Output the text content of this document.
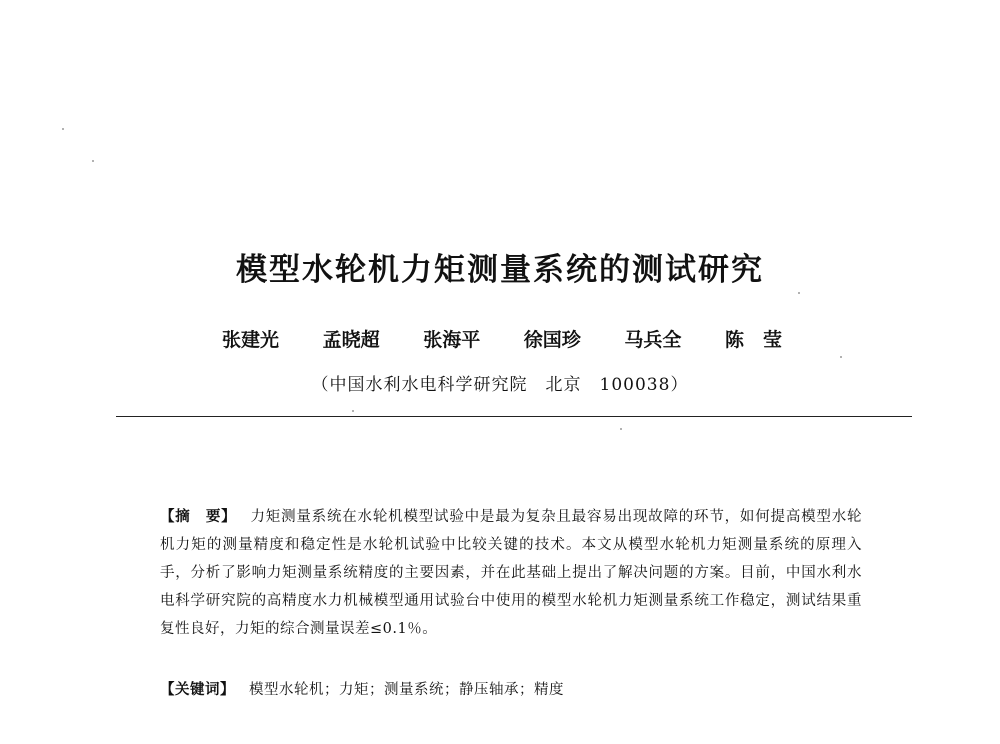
模型水轮机力矩测量系统的测试研究
张建光 孟晓超 张海平 徐国珍 马兵全 陈　莹
（中国水利水电科学研究院　北京　100038）
【摘　要】 力矩测量系统在水轮机模型试验中是最为复杂且最容易出现故障的环节，如何提高模型水轮机力矩的测量精度和稳定性是水轮机试验中比较关键的技术。本文从模型水轮机力矩测量系统的原理入手，分析了影响力矩测量系统精度的主要因素，并在此基础上提出了解决问题的方案。目前，中国水利水电科学研究院的高精度水力机械模型通用试验台中使用的模型水轮机力矩测量系统工作稳定，测试结果重复性良好，力矩的综合测量误差≤0.1％。
【关键词】 模型水轮机；力矩；测量系统；静压轴承；精度
